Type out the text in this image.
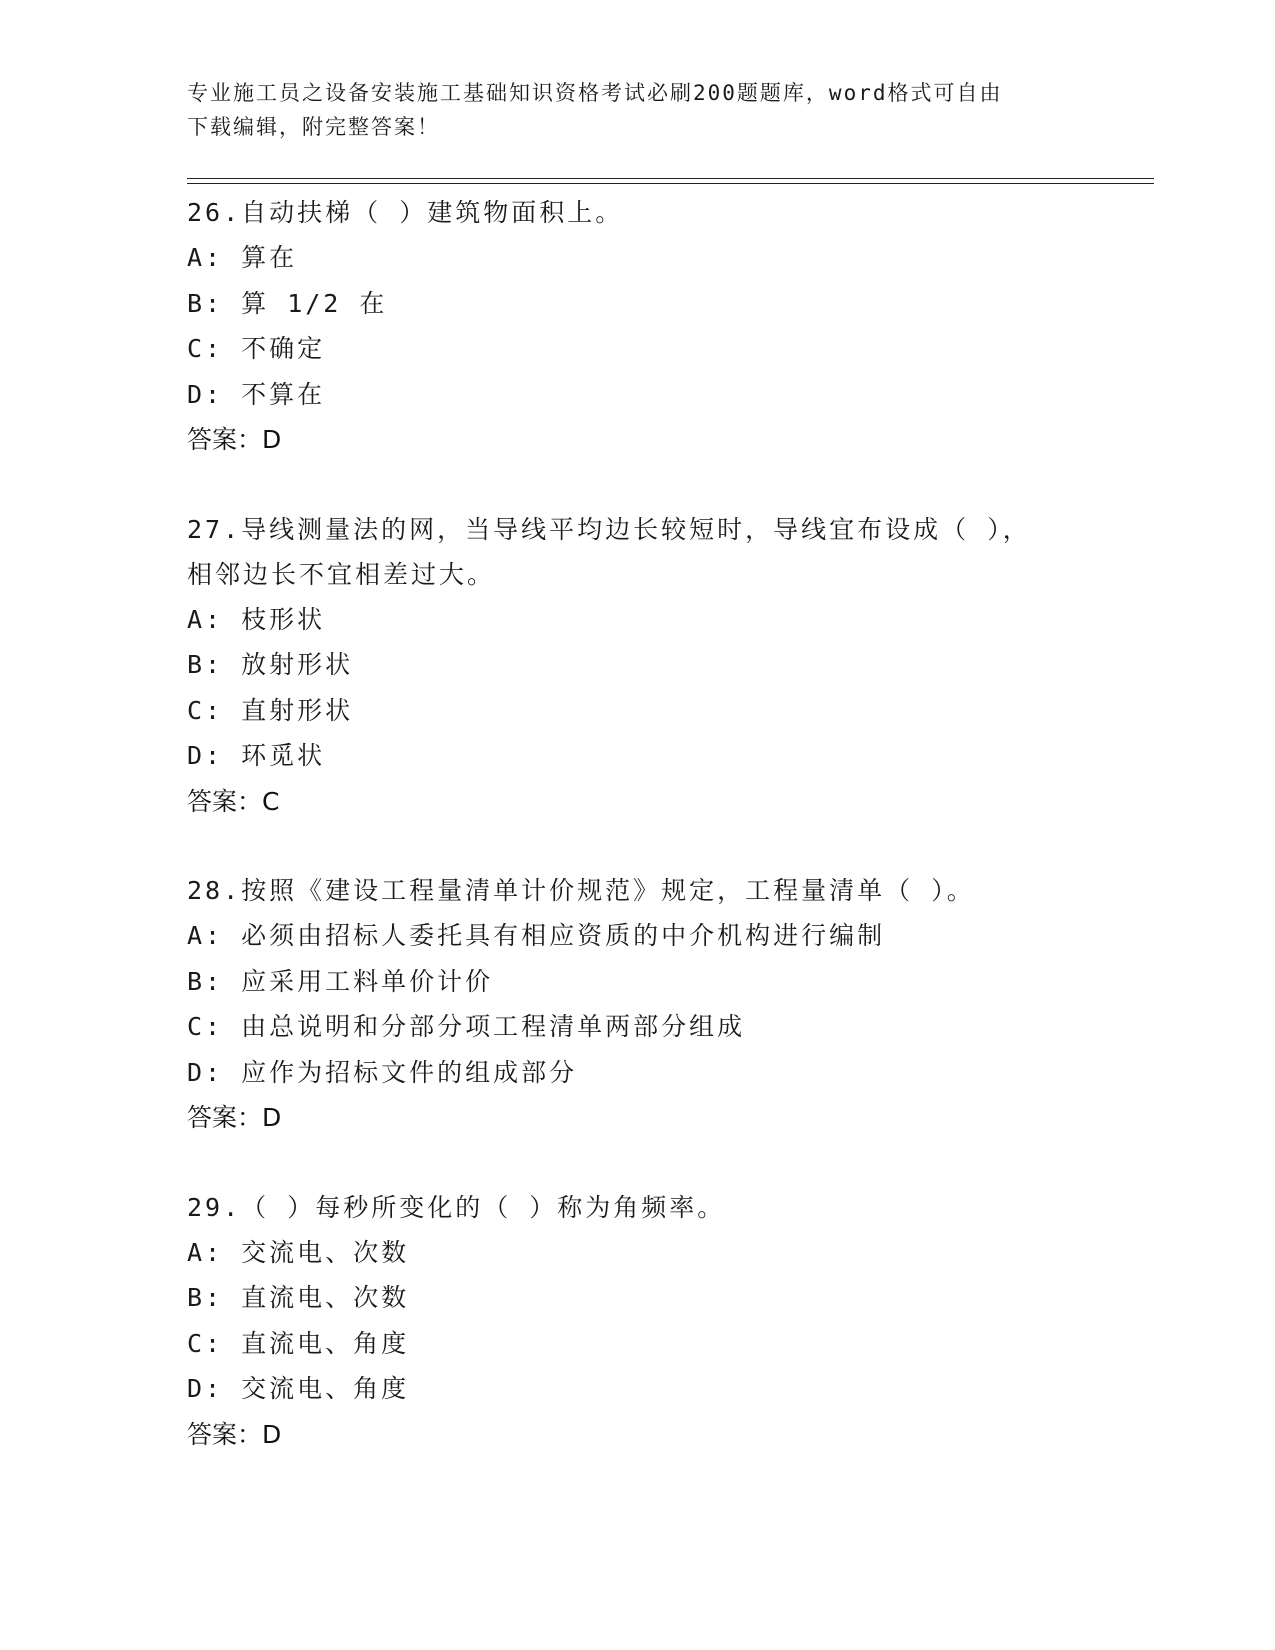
专业施工员之设备安装施工基础知识资格考试必刷200题题库，word格式可自由
下载编辑，附完整答案！
26.自动扶梯（ ）建筑物面积上。
A: 算在
B: 算 1/2 在
C: 不确定
D: 不算在
答案：D
27.导线测量法的网，当导线平均边长较短时，导线宜布设成（ ），
相邻边长不宜相差过大。
A: 枝形状
B: 放射形状
C: 直射形状
D: 环觅状
答案：C
28.按照《建设工程量清单计价规范》规定，工程量清单（ ）。
A: 必须由招标人委托具有相应资质的中介机构进行编制
B: 应采用工料单价计价
C: 由总说明和分部分项工程清单两部分组成
D: 应作为招标文件的组成部分
答案：D
29.（ ）每秒所变化的（ ）称为角频率。
A: 交流电、次数
B: 直流电、次数
C: 直流电、角度
D: 交流电、角度
答案：D
